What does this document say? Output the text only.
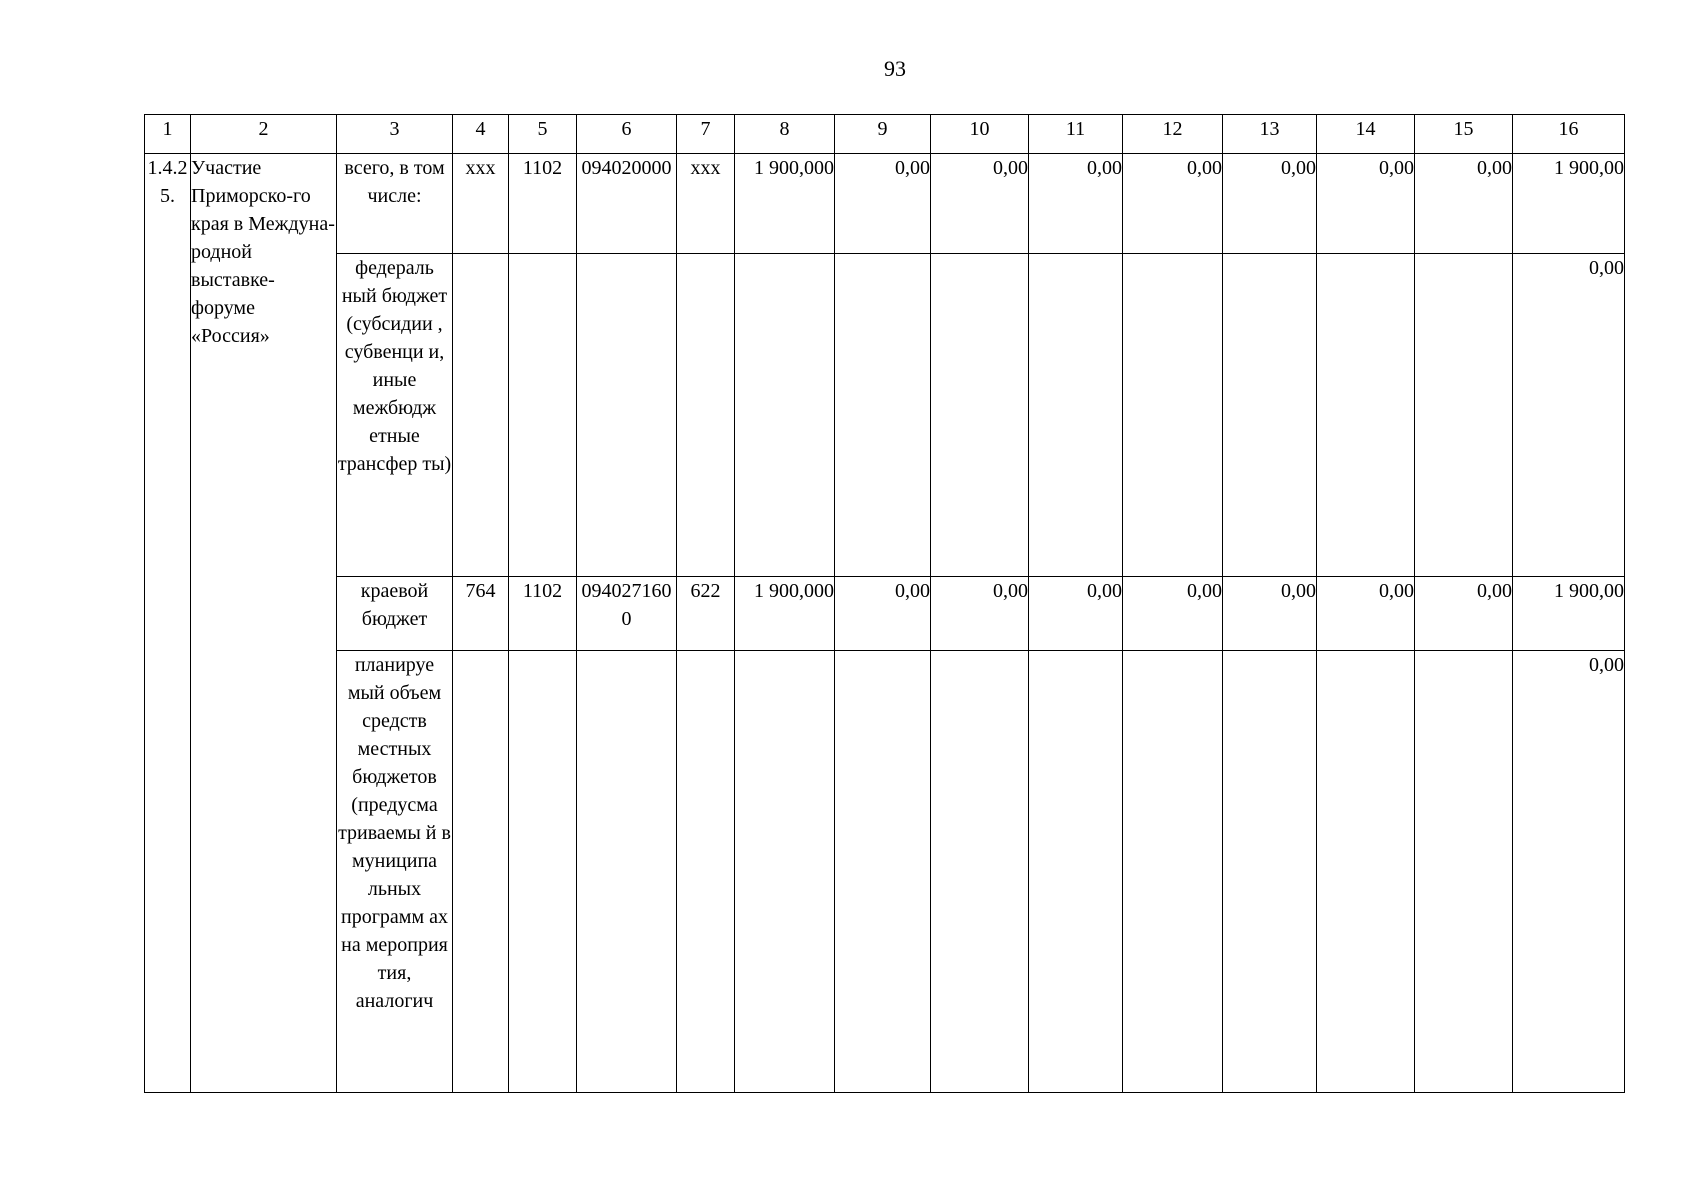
93
1	2	3	4	5	6	7	8	9	10	11	12	13	14	15	16
1.4.25.	Участие Приморско-го края в Междуна-родной выставке-форуме «Россия»	всего, в том числе:	xxx	1102	094020000	xxx	1 900,000	0,00	0,00	0,00	0,00	0,00	0,00	0,00	1 900,00
		федераль ный бюджет (субсидии , субвенци и, иные межбюдж етные трансфер ты)													0,00
		краевой бюджет	764	1102	0940271600	622	1 900,000	0,00	0,00	0,00	0,00	0,00	0,00	0,00	1 900,00
		планируе мый объем средств местных бюджетов (предусма триваемы й в муниципа льных программ ах на мероприя тия, аналогич													0,00
